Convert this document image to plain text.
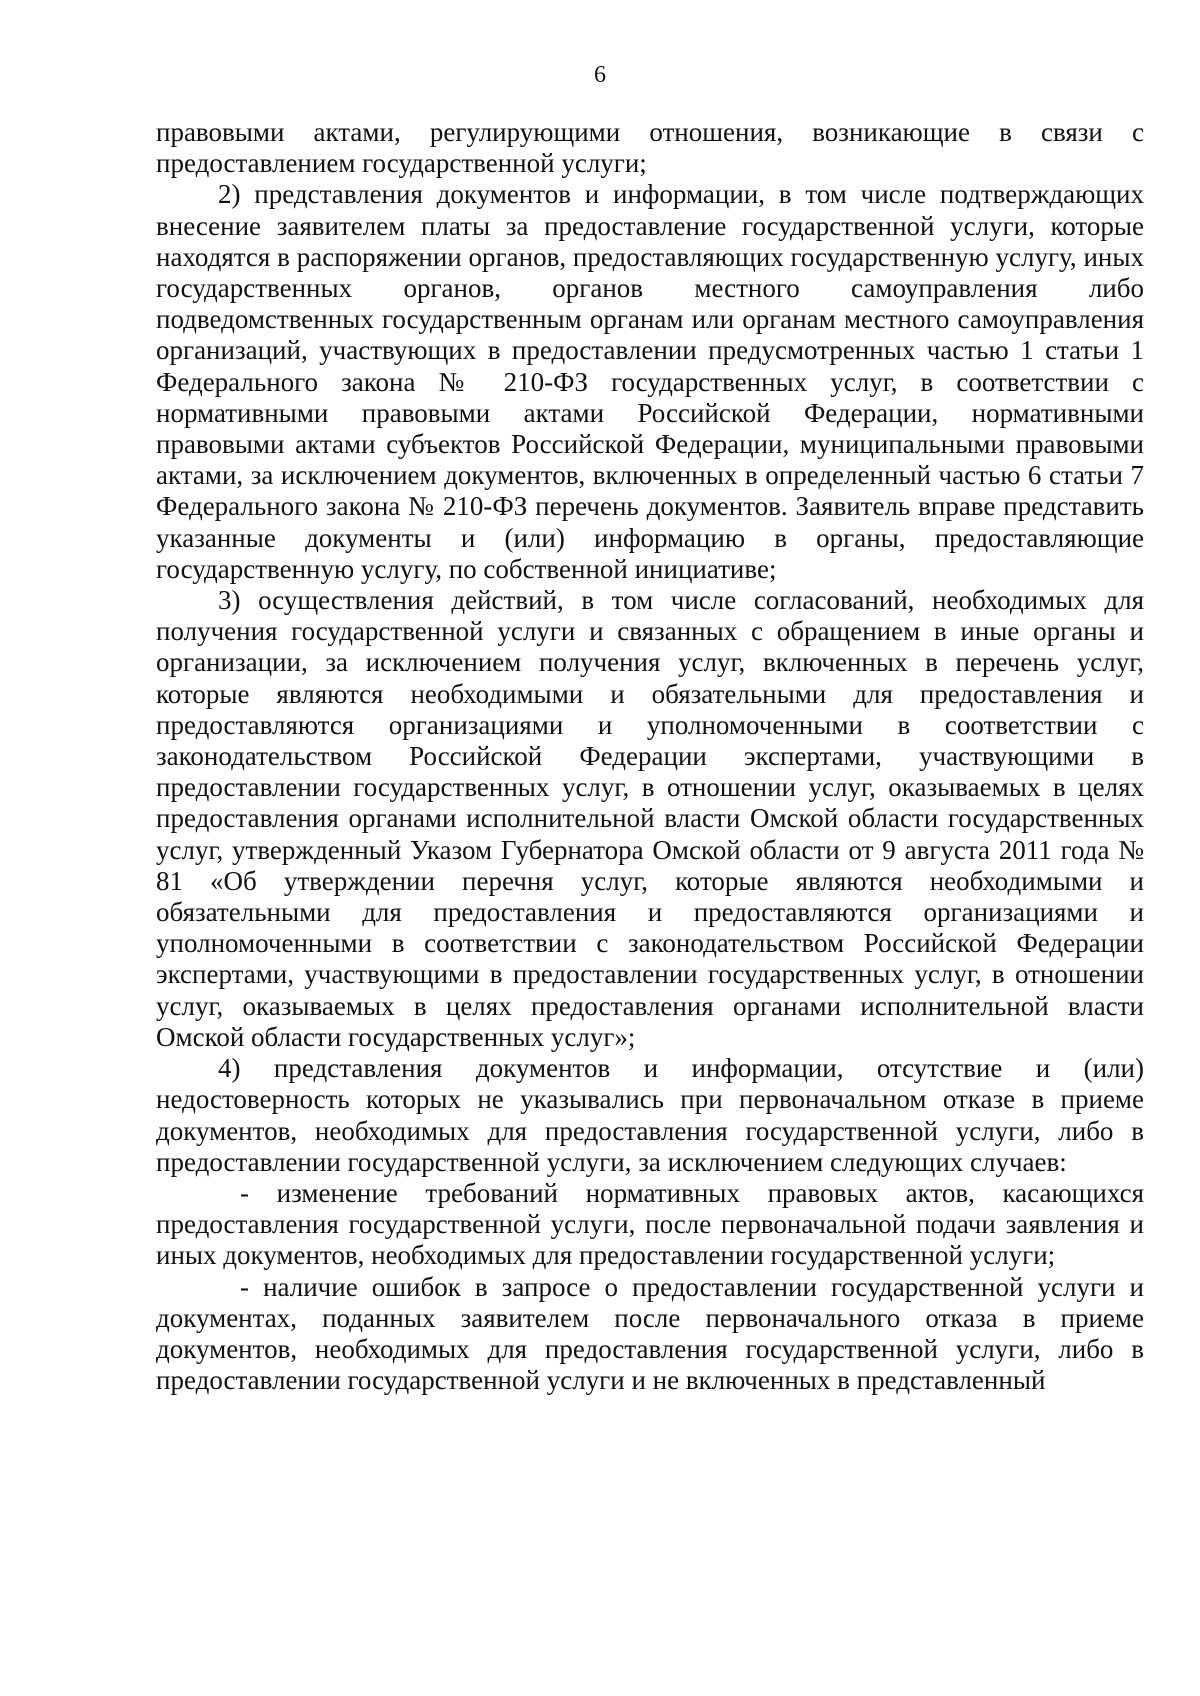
6

правовыми актами, регулирующими отношения, возникающие в связи с предоставлением государственной услуги;

2) представления документов и информации, в том числе подтверждающих внесение заявителем платы за предоставление государственной услуги, которые находятся в распоряжении органов, предоставляющих государственную услугу, иных государственных органов, органов местного самоуправления либо подведомственных государственным органам или органам местного самоуправления организаций, участвующих в предоставлении предусмотренных частью 1 статьи 1 Федерального закона № 210-ФЗ государственных услуг, в соответствии с нормативными правовыми актами Российской Федерации, нормативными правовыми актами субъектов Российской Федерации, муниципальными правовыми актами, за исключением документов, включенных в определенный частью 6 статьи 7 Федерального закона № 210-ФЗ перечень документов. Заявитель вправе представить указанные документы и (или) информацию в органы, предоставляющие государственную услугу, по собственной инициативе;

3) осуществления действий, в том числе согласований, необходимых для получения государственной услуги и связанных с обращением в иные органы и организации, за исключением получения услуг, включенных в перечень услуг, которые являются необходимыми и обязательными для предоставления и предоставляются организациями и уполномоченными в соответствии с законодательством Российской Федерации экспертами, участвующими в предоставлении государственных услуг, в отношении услуг, оказываемых в целях предоставления органами исполнительной власти Омской области государственных услуг, утвержденный Указом Губернатора Омской области от 9 августа 2011 года № 81 «Об утверждении перечня услуг, которые являются необходимыми и обязательными для предоставления и предоставляются организациями и уполномоченными в соответствии с законодательством Российской Федерации экспертами, участвующими в предоставлении государственных услуг, в отношении услуг, оказываемых в целях предоставления органами исполнительной власти Омской области государственных услуг»;

4) представления документов и информации, отсутствие и (или) недостоверность которых не указывались при первоначальном отказе в приеме документов, необходимых для предоставления государственной услуги, либо в предоставлении государственной услуги, за исключением следующих случаев:

- изменение требований нормативных правовых актов, касающихся предоставления государственной услуги, после первоначальной подачи заявления и иных документов, необходимых для предоставлении государственной услуги;

- наличие ошибок в запросе о предоставлении государственной услуги и документах, поданных заявителем после первоначального отказа в приеме документов, необходимых для предоставления государственной услуги, либо в предоставлении государственной услуги и не включенных в представленный
